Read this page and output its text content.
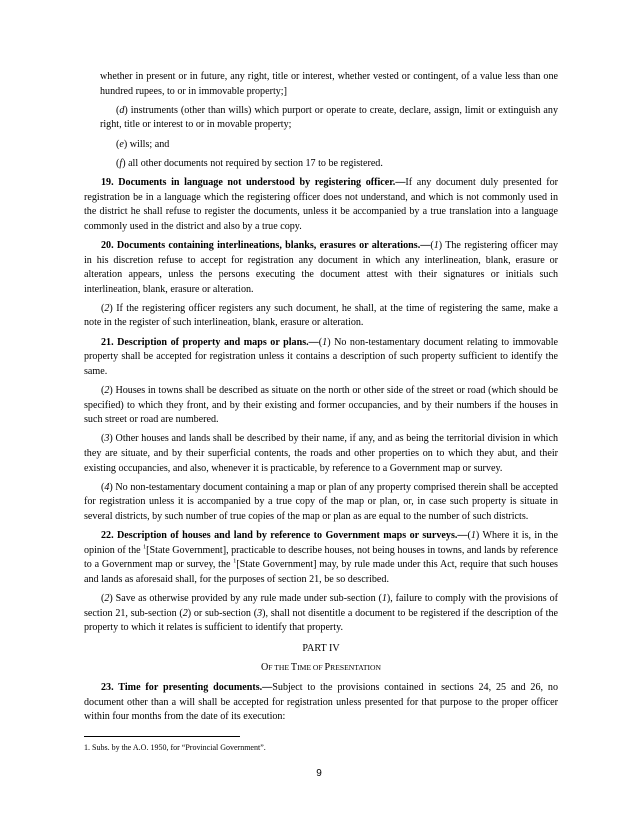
whether in present or in future, any right, title or interest, whether vested or contingent, of a value less than one hundred rupees, to or in immovable property;]

(d) instruments (other than wills) which purport or operate to create, declare, assign, limit or extinguish any right, title or interest to or in movable property;

(e) wills; and

(f) all other documents not required by section 17 to be registered.

19. Documents in language not understood by registering officer.—If any document duly presented for registration be in a language which the registering officer does not understand, and which is not commonly used in the district he shall refuse to register the documents, unless it be accompanied by a true translation into a language commonly used in the district and also by a true copy.

20. Documents containing interlineations, blanks, erasures or alterations.—(1) The registering officer may in his discretion refuse to accept for registration any document in which any interlineation, blank, erasure or alteration appears, unless the persons executing the document attest with their signatures or initials such interlineation, blank, erasure or alteration.

(2) If the registering officer registers any such document, he shall, at the time of registering the same, make a note in the register of such interlineation, blank, erasure or alteration.

21. Description of property and maps or plans.—(1) No non-testamentary document relating to immovable property shall be accepted for registration unless it contains a description of such property sufficient to identify the same.

(2) Houses in towns shall be described as situate on the north or other side of the street or road (which should be specified) to which they front, and by their existing and former occupancies, and by their numbers if the houses in such street or road are numbered.

(3) Other houses and lands shall be described by their name, if any, and as being the territorial division in which they are situate, and by their superficial contents, the roads and other properties on to which they abut, and their existing occupancies, and also, whenever it is practicable, by reference to a Government map or survey.

(4) No non-testamentary document containing a map or plan of any property comprised therein shall be accepted for registration unless it is accompanied by a true copy of the map or plan, or, in case such property is situate in several districts, by such number of true copies of the map or plan as are equal to the number of such districts.

22. Description of houses and land by reference to Government maps or surveys.—(1) Where it is, in the opinion of the $^1$[State Government], practicable to describe houses, not being houses in towns, and lands by reference to a Government map or survey, the $^1$[State Government] may, by rule made under this Act, require that such houses and lands as aforesaid shall, for the purposes of section 21, be so described.

(2) Save as otherwise provided by any rule made under sub-section (1), failure to comply with the provisions of section 21, sub-section (2) or sub-section (3), shall not disentitle a document to be registered if the description of the property to which it relates is sufficient to identify that property.

PART IV

OF THE TIME OF PRESENTATION

23. Time for presenting documents.—Subject to the provisions contained in sections 24, 25 and 26, no document other than a will shall be accepted for registration unless presented for that purpose to the proper officer within four months from the date of its execution:

1. Subs. by the A.O. 1950, for “Provincial Government”.
9
